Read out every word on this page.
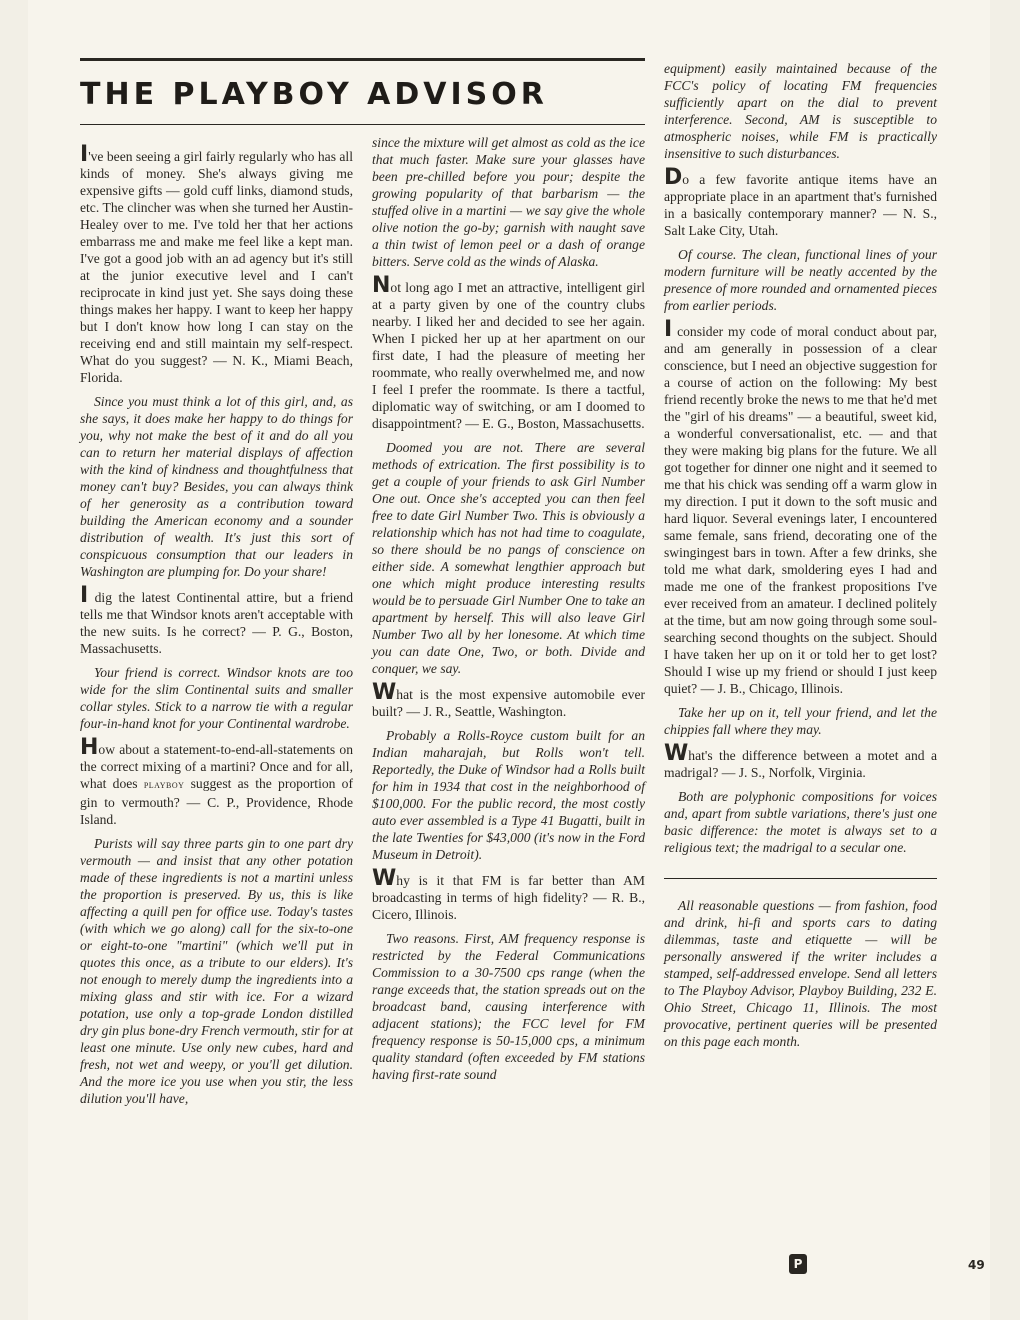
THE PLAYBOY ADVISOR

I've been seeing a girl fairly regularly who has all kinds of money. She's always giving me expensive gifts — gold cuff links, diamond studs, etc. The clincher was when she turned her Austin-Healey over to me. I've told her that her actions embarrass me and make me feel like a kept man. I've got a good job with an ad agency but it's still at the junior executive level and I can't reciprocate in kind just yet. She says doing these things makes her happy. I want to keep her happy but I don't know how long I can stay on the receiving end and still maintain my self-respect. What do you suggest? — N. K., Miami Beach, Florida.

Since you must think a lot of this girl, and, as she says, it does make her happy to do things for you, why not make the best of it and do all you can to return her material displays of affection with the kind of kindness and thoughtfulness that money can't buy? Besides, you can always think of her generosity as a contribution toward building the American economy and a sounder distribution of wealth. It's just this sort of conspicuous consumption that our leaders in Washington are plumping for. Do your share!

I dig the latest Continental attire, but a friend tells me that Windsor knots aren't acceptable with the new suits. Is he correct? — P. G., Boston, Massachusetts.

Your friend is correct. Windsor knots are too wide for the slim Continental suits and smaller collar styles. Stick to a narrow tie with a regular four-in-hand knot for your Continental wardrobe.

How about a statement-to-end-all-statements on the correct mixing of a martini? Once and for all, what does playboy suggest as the proportion of gin to vermouth? — C. P., Providence, Rhode Island.

Purists will say three parts gin to one part dry vermouth — and insist that any other potation made of these ingredients is not a martini unless the proportion is preserved. By us, this is like affecting a quill pen for office use. Today's tastes (with which we go along) call for the six-to-one or eight-to-one "martini" (which we'll put in quotes this once, as a tribute to our elders). It's not enough to merely dump the ingredients into a mixing glass and stir with ice. For a wizard potation, use only a top-grade London distilled dry gin plus bone-dry French vermouth, stir for at least one minute. Use only new cubes, hard and fresh, not wet and weepy, or you'll get dilution. And the more ice you use when you stir, the less dilution you'll have,

since the mixture will get almost as cold as the ice that much faster. Make sure your glasses have been pre-chilled before you pour; despite the growing popularity of that barbarism — the stuffed olive in a martini — we say give the whole olive notion the go-by; garnish with naught save a thin twist of lemon peel or a dash of orange bitters. Serve cold as the winds of Alaska.

Not long ago I met an attractive, intelligent girl at a party given by one of the country clubs nearby. I liked her and decided to see her again. When I picked her up at her apartment on our first date, I had the pleasure of meeting her roommate, who really overwhelmed me, and now I feel I prefer the roommate. Is there a tactful, diplomatic way of switching, or am I doomed to disappointment? — E. G., Boston, Massachusetts.

Doomed you are not. There are several methods of extrication. The first possibility is to get a couple of your friends to ask Girl Number One out. Once she's accepted you can then feel free to date Girl Number Two. This is obviously a relationship which has not had time to coagulate, so there should be no pangs of conscience on either side. A somewhat lengthier approach but one which might produce interesting results would be to persuade Girl Number One to take an apartment by herself. This will also leave Girl Number Two all by her lonesome. At which time you can date One, Two, or both. Divide and conquer, we say.

What is the most expensive automobile ever built? — J. R., Seattle, Washington.

Probably a Rolls-Royce custom built for an Indian maharajah, but Rolls won't tell. Reportedly, the Duke of Windsor had a Rolls built for him in 1934 that cost in the neighborhood of $100,000. For the public record, the most costly auto ever assembled is a Type 41 Bugatti, built in the late Twenties for $43,000 (it's now in the Ford Museum in Detroit).

Why is it that FM is far better than AM broadcasting in terms of high fidelity? — R. B., Cicero, Illinois.

Two reasons. First, AM frequency response is restricted by the Federal Communications Commission to a 30-7500 cps range (when the range exceeds that, the station spreads out on the broadcast band, causing interference with adjacent stations); the FCC level for FM frequency response is 50-15,000 cps, a minimum quality standard (often exceeded by FM stations having first-rate sound

equipment) easily maintained because of the FCC's policy of locating FM frequencies sufficiently apart on the dial to prevent interference. Second, AM is susceptible to atmospheric noises, while FM is practically insensitive to such disturbances.

Do a few favorite antique items have an appropriate place in an apartment that's furnished in a basically contemporary manner? — N. S., Salt Lake City, Utah.

Of course. The clean, functional lines of your modern furniture will be neatly accented by the presence of more rounded and ornamented pieces from earlier periods.

I consider my code of moral conduct about par, and am generally in possession of a clear conscience, but I need an objective suggestion for a course of action on the following: My best friend recently broke the news to me that he'd met the "girl of his dreams" — a beautiful, sweet kid, a wonderful conversationalist, etc. — and that they were making big plans for the future. We all got together for dinner one night and it seemed to me that his chick was sending off a warm glow in my direction. I put it down to the soft music and hard liquor. Several evenings later, I encountered same female, sans friend, decorating one of the swingingest bars in town. After a few drinks, she told me what dark, smoldering eyes I had and made me one of the frankest propositions I've ever received from an amateur. I declined politely at the time, but am now going through some soul-searching second thoughts on the subject. Should I have taken her up on it or told her to get lost? Should I wise up my friend or should I just keep quiet? — J. B., Chicago, Illinois.

Take her up on it, tell your friend, and let the chippies fall where they may.

What's the difference between a motet and a madrigal? — J. S., Norfolk, Virginia.

Both are polyphonic compositions for voices and, apart from subtle variations, there's just one basic difference: the motet is always set to a religious text; the madrigal to a secular one.

All reasonable questions — from fashion, food and drink, hi-fi and sports cars to dating dilemmas, taste and etiquette — will be personally answered if the writer includes a stamped, self-addressed envelope. Send all letters to The Playboy Advisor, Playboy Building, 232 E. Ohio Street, Chicago 11, Illinois. The most provocative, pertinent queries will be presented on this page each month.

P	49
